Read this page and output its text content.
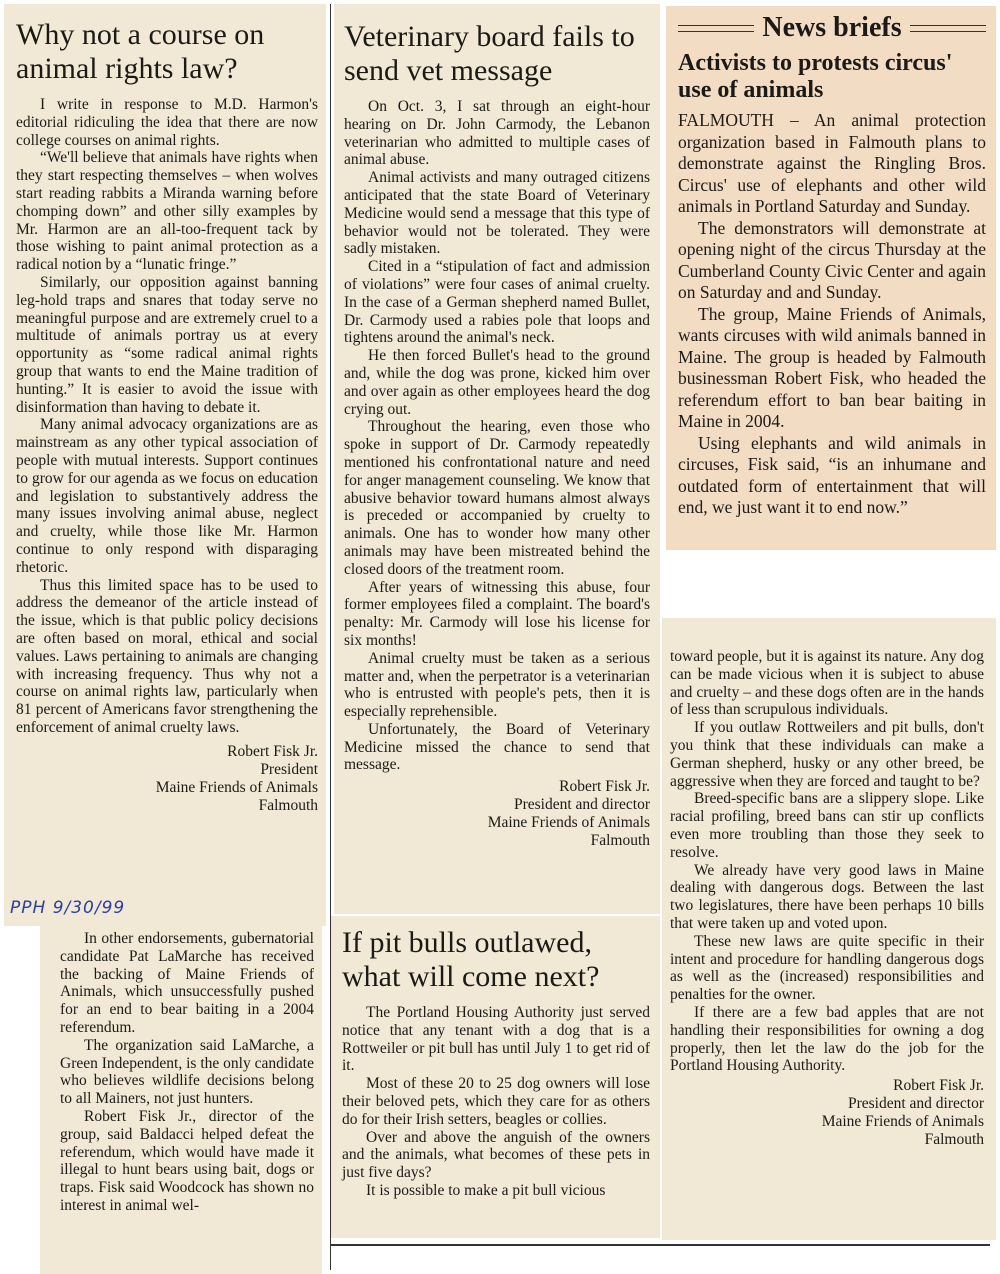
Why not a course on animal rights law?

I write in response to M.D. Harmon's editorial ridiculing the idea that there are now college courses on animal rights.

“We'll believe that animals have rights when they start respecting themselves – when wolves start reading rabbits a Miranda warning before chomping down” and other silly examples by Mr. Harmon are an all-too-frequent tack by those wishing to paint animal protection as a radical notion by a “lunatic fringe.”

Similarly, our opposition against banning leg-hold traps and snares that today serve no meaningful purpose and are extremely cruel to a multitude of animals portray us at every opportunity as “some radical animal rights group that wants to end the Maine tradition of hunting.” It is easier to avoid the issue with disinformation than having to debate it.

Many animal advocacy organizations are as mainstream as any other typical association of people with mutual interests. Support continues to grow for our agenda as we focus on education and legislation to substantively address the many issues involving animal abuse, neglect and cruelty, while those like Mr. Harmon continue to only respond with disparaging rhetoric.

Thus this limited space has to be used to address the demeanor of the article instead of the issue, which is that public policy decisions are often based on moral, ethical and social values. Laws pertaining to animals are changing with increasing frequency. Thus why not a course on animal rights law, particularly when 81 percent of Americans favor strengthening the enforcement of animal cruelty laws.

Robert Fisk Jr.
President
Maine Friends of Animals
Falmouth
PPH 9/30/99
Veterinary board fails to send vet message

On Oct. 3, I sat through an eight-hour hearing on Dr. John Carmody, the Lebanon veterinarian who admitted to multiple cases of animal abuse.

Animal activists and many outraged citizens anticipated that the state Board of Veterinary Medicine would send a message that this type of behavior would not be tolerated. They were sadly mistaken.

Cited in a “stipulation of fact and admission of violations” were four cases of animal cruelty. In the case of a German shepherd named Bullet, Dr. Carmody used a rabies pole that loops and tightens around the animal's neck.

He then forced Bullet's head to the ground and, while the dog was prone, kicked him over and over again as other employees heard the dog crying out.

Throughout the hearing, even those who spoke in support of Dr. Carmody repeatedly mentioned his confrontational nature and need for anger management counseling. We know that abusive behavior toward humans almost always is preceded or accompanied by cruelty to animals. One has to wonder how many other animals may have been mistreated behind the closed doors of the treatment room.

After years of witnessing this abuse, four former employees filed a complaint. The board's penalty: Mr. Carmody will lose his license for six months!

Animal cruelty must be taken as a serious matter and, when the perpetrator is a veterinarian who is entrusted with people's pets, then it is especially reprehensible.

Unfortunately, the Board of Veterinary Medicine missed the chance to send that message.

Robert Fisk Jr.
President and director
Maine Friends of Animals
Falmouth
News briefs
Activists to protests circus' use of animals

FALMOUTH – An animal protection organization based in Falmouth plans to demonstrate against the Ringling Bros. Circus' use of elephants and other wild animals in Portland Saturday and Sunday.

The demonstrators will demonstrate at opening night of the circus Thursday at the Cumberland County Civic Center and again on Saturday and and Sunday.

The group, Maine Friends of Animals, wants circuses with wild animals banned in Maine. The group is headed by Falmouth businessman Robert Fisk, who headed the referendum effort to ban bear baiting in Maine in 2004.

Using elephants and wild animals in circuses, Fisk said, “is an inhumane and outdated form of entertainment that will end, we just want it to end now.”

In other endorsements, gubernatorial candidate Pat LaMarche has received the backing of Maine Friends of Animals, which unsuccessfully pushed for an end to bear baiting in a 2004 referendum.

The organization said LaMarche, a Green Independent, is the only candidate who believes wildlife decisions belong to all Mainers, not just hunters.

Robert Fisk Jr., director of the group, said Baldacci helped defeat the referendum, which would have made it illegal to hunt bears using bait, dogs or traps. Fisk said Woodcock has shown no interest in animal wel-

If pit bulls outlawed, what will come next?

The Portland Housing Authority just served notice that any tenant with a dog that is a Rottweiler or pit bull has until July 1 to get rid of it.

Most of these 20 to 25 dog owners will lose their beloved pets, which they care for as others do for their Irish setters, beagles or collies.

Over and above the anguish of the owners and the animals, what becomes of these pets in just five days?

It is possible to make a pit bull vicious

toward people, but it is against its nature. Any dog can be made vicious when it is subject to abuse and cruelty – and these dogs often are in the hands of less than scrupulous individuals.

If you outlaw Rottweilers and pit bulls, don't you think that these individuals can make a German shepherd, husky or any other breed, be aggressive when they are forced and taught to be?

Breed-specific bans are a slippery slope. Like racial profiling, breed bans can stir up conflicts even more troubling than those they seek to resolve.

We already have very good laws in Maine dealing with dangerous dogs. Between the last two legislatures, there have been perhaps 10 bills that were taken up and voted upon.

These new laws are quite specific in their intent and procedure for handling dangerous dogs as well as the (increased) responsibilities and penalties for the owner.

If there are a few bad apples that are not handling their responsibilities for owning a dog properly, then let the law do the job for the Portland Housing Authority.

Robert Fisk Jr.
President and director
Maine Friends of Animals
Falmouth
